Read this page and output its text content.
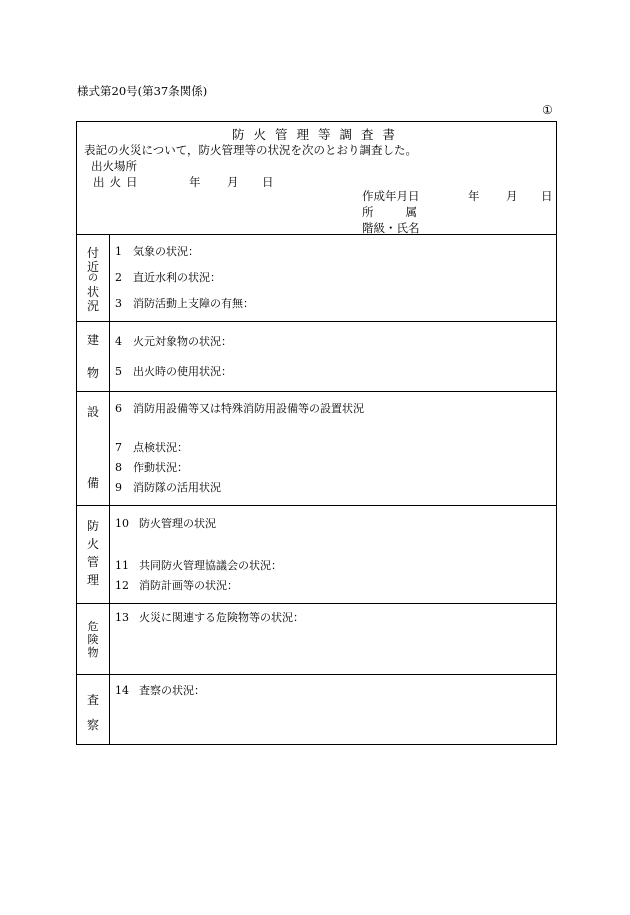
様式第20号(第37条関係)
①
防火管理等調査書
表記の火災について，防火管理等の状況を次のとおり調査した。
出火場所
出火日	年 月 日
作成年月日	年 月 日
所属
階級・氏名
付
近
の
状
況
1 気象の状況：
2 直近水利の状況：
3 消防活動上支障の有無：
建
物
4 火元対象物の状況：
5 出火時の使用状況：
設
備
6 消防用設備等又は特殊消防用設備等の設置状況
7 点検状況：
8 作動状況：
9 消防隊の活用状況
防
火
管
理
10 防火管理の状況
11 共同防火管理協議会の状況：
12 消防計画等の状況：
危
険
物
13 火災に関連する危険物等の状況：
査
察
14 査察の状況：
